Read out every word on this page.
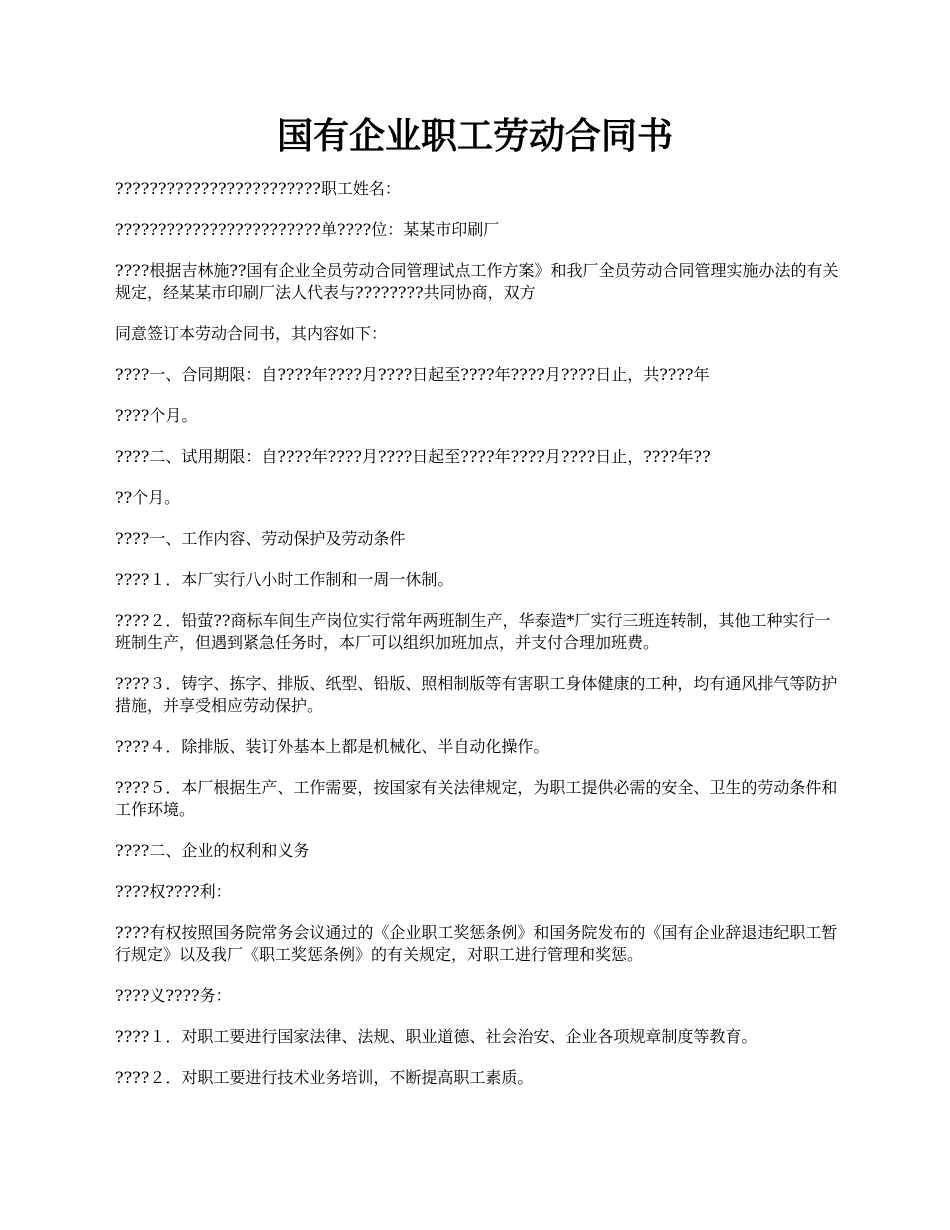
国有企业职工劳动合同书

????????????????????????职工姓名：

????????????????????????单????位：某某市印刷厂

????根据吉林施??国有企业全员劳动合同管理试点工作方案》和我厂全员劳动合同管理实施办法的有关规定，经某某市印刷厂法人代表与????????共同协商，双方

同意签订本劳动合同书，其内容如下：

????一、合同期限：自????年????月????日起至????年????月????日止，共????年

????个月。

????二、试用期限：自????年????月????日起至????年????月????日止，????年??

??个月。

????一、工作内容、劳动保护及劳动条件

????１．本厂实行八小时工作制和一周一休制。

????２．铅萤??商标车间生产岗位实行常年两班制生产，华泰造*厂实行三班连转制，其他工种实行一班制生产，但遇到紧急任务时，本厂可以组织加班加点，并支付合理加班费。

????３．铸字、拣字、排版、纸型、铅版、照相制版等有害职工身体健康的工种，均有通风排气等防护措施，并享受相应劳动保护。

????４．除排版、装订外基本上都是机械化、半自动化操作。

????５．本厂根据生产、工作需要，按国家有关法律规定，为职工提供必需的安全、卫生的劳动条件和工作环境。

????二、企业的权利和义务

????权????利：

????有权按照国务院常务会议通过的《企业职工奖惩条例》和国务院发布的《国有企业辞退违纪职工暂行规定》以及我厂《职工奖惩条例》的有关规定，对职工进行管理和奖惩。

????义????务：

????１．对职工要进行国家法律、法规、职业道德、社会治安、企业各项规章制度等教育。

????２．对职工要进行技术业务培训，不断提高职工素质。
